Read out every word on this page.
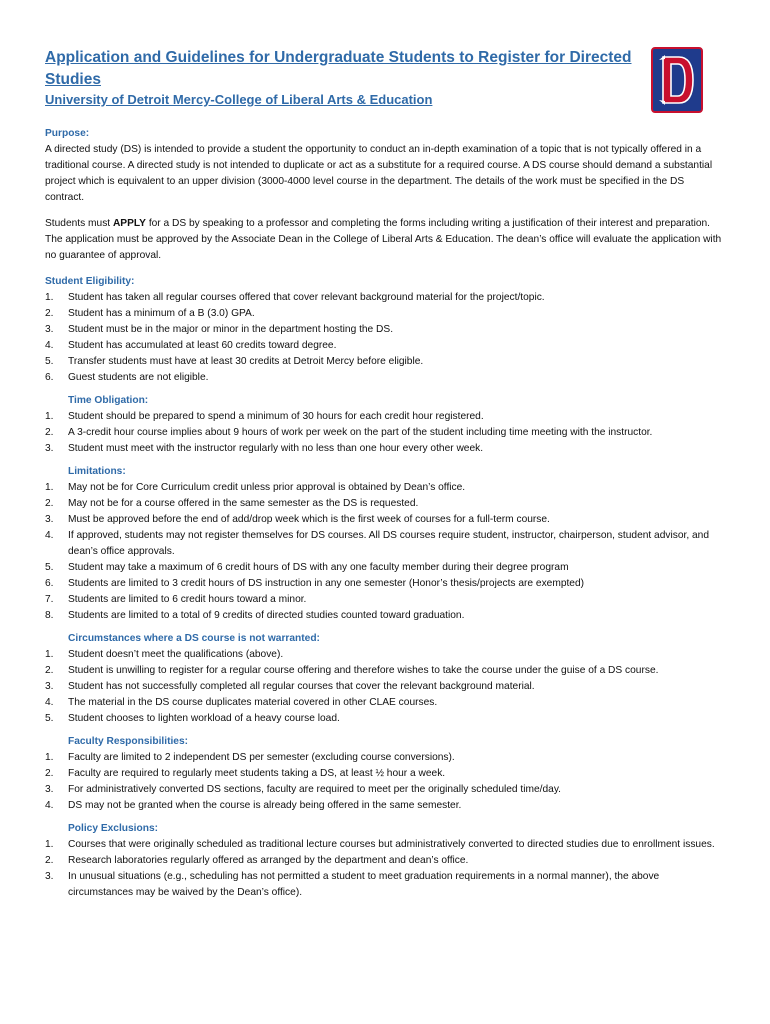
Application and Guidelines for Undergraduate Students to Register for Directed Studies
University of Detroit Mercy-College of Liberal Arts & Education

Purpose:

A directed study (DS) is intended to provide a student the opportunity to conduct an in-depth examination of a topic that is not typically offered in a traditional course. A directed study is not intended to duplicate or act as a substitute for a required course. A DS course should demand a substantial project which is equivalent to an upper division (3000-4000 level course in the department. The details of the work must be specified in the DS contract.

Students must APPLY for a DS by speaking to a professor and completing the forms including writing a justification of their interest and preparation. The application must be approved by the Associate Dean in the College of Liberal Arts & Education. The dean’s office will evaluate the application with no guarantee of approval.

Student Eligibility:

1. Student has taken all regular courses offered that cover relevant background material for the project/topic.
2. Student has a minimum of a B (3.0) GPA.
3. Student must be in the major or minor in the department hosting the DS.
4. Student has accumulated at least 60 credits toward degree.
5. Transfer students must have at least 30 credits at Detroit Mercy before eligible.
6. Guest students are not eligible.

Time Obligation:

1. Student should be prepared to spend a minimum of 30 hours for each credit hour registered.
2. A 3-credit hour course implies about 9 hours of work per week on the part of the student including time meeting with the instructor.
3. Student must meet with the instructor regularly with no less than one hour every other week.

Limitations:

1. May not be for Core Curriculum credit unless prior approval is obtained by Dean’s office.
2. May not be for a course offered in the same semester as the DS is requested.
3. Must be approved before the end of add/drop week which is the first week of courses for a full-term course.
4. If approved, students may not register themselves for DS courses. All DS courses require student, instructor, chairperson, student advisor, and dean’s office approvals.
5. Student may take a maximum of 6 credit hours of DS with any one faculty member during their degree program
6. Students are limited to 3 credit hours of DS instruction in any one semester (Honor’s thesis/projects are exempted)
7. Students are limited to 6 credit hours toward a minor.
8. Students are limited to a total of 9 credits of directed studies counted toward graduation.

Circumstances where a DS course is not warranted:

1. Student doesn’t meet the qualifications (above).
2. Student is unwilling to register for a regular course offering and therefore wishes to take the course under the guise of a DS course.
3. Student has not successfully completed all regular courses that cover the relevant background material.
4. The material in the DS course duplicates material covered in other CLAE courses.
5. Student chooses to lighten workload of a heavy course load.

Faculty Responsibilities:

1. Faculty are limited to 2 independent DS per semester (excluding course conversions).
2. Faculty are required to regularly meet students taking a DS, at least ½ hour a week.
3. For administratively converted DS sections, faculty are required to meet per the originally scheduled time/day.
4. DS may not be granted when the course is already being offered in the same semester.

Policy Exclusions:

1. Courses that were originally scheduled as traditional lecture courses but administratively converted to directed studies due to enrollment issues.
2. Research laboratories regularly offered as arranged by the department and dean’s office.
3. In unusual situations (e.g., scheduling has not permitted a student to meet graduation requirements in a normal manner), the above circumstances may be waived by the Dean’s office).
